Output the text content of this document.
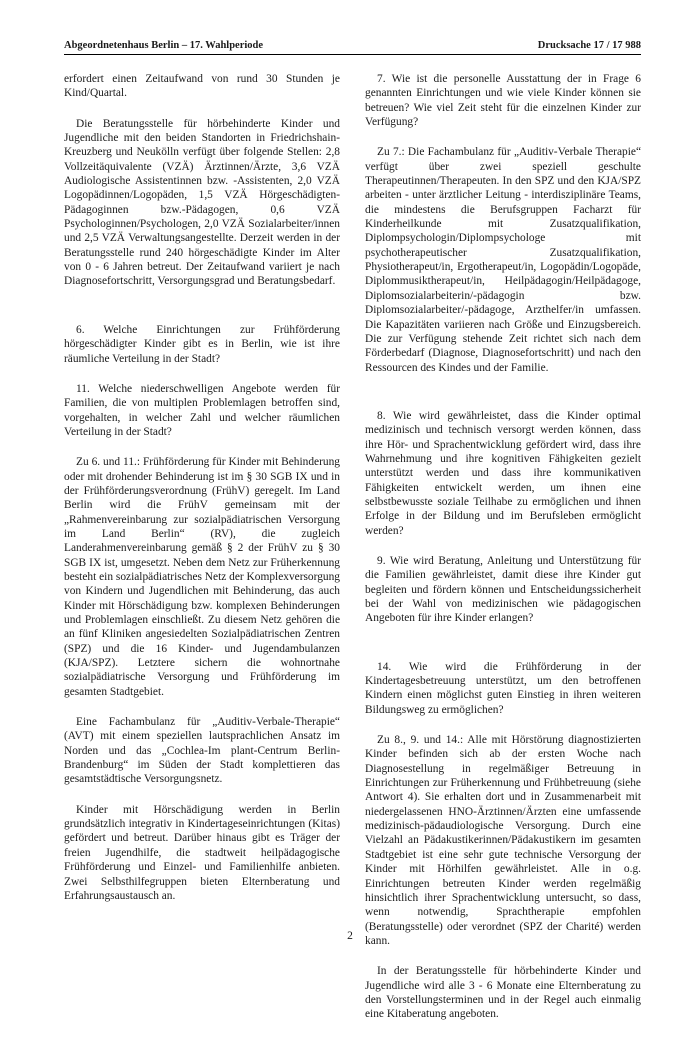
Abgeordnetenhaus Berlin – 17. Wahlperiode	Drucksache 17 / 17 988

erfordert einen Zeitaufwand von rund 30 Stunden je Kind/Quartal.

Die Beratungsstelle für hörbehinderte Kinder und Jugendliche mit den beiden Standorten in Friedrichshain-Kreuzberg und Neukölln verfügt über folgende Stellen: 2,8 Vollzeitäquivalente (VZÄ) Ärztinnen/Ärzte, 3,6 VZÄ Audiologische Assistentinnen bzw. -Assistenten, 2,0 VZÄ Logopädinnen/Logopäden, 1,5 VZÄ Hörgeschädigten-Pädagoginnen bzw.-Pädagogen, 0,6 VZÄ Psychologinnen/Psychologen, 2,0 VZÄ Sozialarbeiter/innen und 2,5 VZÄ Verwaltungsangestellte. Derzeit werden in der Beratungsstelle rund 240 hörgeschädigte Kinder im Alter von 0 - 6 Jahren betreut. Der Zeitaufwand variiert je nach Diagnosefortschritt, Versorgungsgrad und Beratungsbedarf.

6. Welche Einrichtungen zur Frühförderung hörgeschädigter Kinder gibt es in Berlin, wie ist ihre räumliche Verteilung in der Stadt?

11. Welche niederschwelligen Angebote werden für Familien, die von multiplen Problemlagen betroffen sind, vorgehalten, in welcher Zahl und welcher räumlichen Verteilung in der Stadt?

Zu 6. und 11.: Frühförderung für Kinder mit Behinderung oder mit drohender Behinderung ist im § 30 SGB IX und in der Frühförderungsverordnung (FrühV) geregelt. Im Land Berlin wird die FrühV gemeinsam mit der „Rahmenvereinbarung zur sozialpädiatrischen Versorgung im Land Berlin“ (RV), die zugleich Landerahmenvereinbarung gemäß § 2 der FrühV zu § 30 SGB IX ist, umgesetzt. Neben dem Netz zur Früherkennung besteht ein sozialpädiatrisches Netz der Komplexversorgung von Kindern und Jugendlichen mit Behinderung, das auch Kinder mit Hörschädigung bzw. komplexen Behinderungen und Problemlagen einschließt. Zu diesem Netz gehören die an fünf Kliniken angesiedelten Sozialpädiatrischen Zentren (SPZ) und die 16 Kinder- und Jugendambulanzen (KJA/SPZ). Letztere sichern die wohnortnahe sozialpädiatrische Versorgung und Frühförderung im gesamten Stadtgebiet.

Eine Fachambulanz für „Auditiv-Verbale-Therapie“ (AVT) mit einem speziellen lautsprachlichen Ansatz im Norden und das „Cochlea-Im plant-Centrum Berlin-Brandenburg“ im Süden der Stadt komplettieren das gesamtstädtische Versorgungsnetz.

Kinder mit Hörschädigung werden in Berlin grundsätzlich integrativ in Kindertageseinrichtungen (Kitas) gefördert und betreut. Darüber hinaus gibt es Träger der freien Jugendhilfe, die stadtweit heilpädagogische Frühförderung und Einzel- und Familienhilfe anbieten. Zwei Selbsthilfegruppen bieten Elternberatung und Erfahrungsaustausch an.

7. Wie ist die personelle Ausstattung der in Frage 6 genannten Einrichtungen und wie viele Kinder können sie betreuen? Wie viel Zeit steht für die einzelnen Kinder zur Verfügung?

Zu 7.: Die Fachambulanz für „Auditiv-Verbale Therapie“ verfügt über zwei speziell geschulte Therapeutinnen/Therapeuten. In den SPZ und den KJA/SPZ arbeiten - unter ärztlicher Leitung - interdisziplinäre Teams, die mindestens die Berufsgruppen Facharzt für Kinderheilkunde mit Zusatzqualifikation, Diplompsychologin/Diplompsychologe mit psychotherapeutischer Zusatzqualifikation, Physiotherapeut/in, Ergotherapeut/in, Logopädin/Logopäde, Diplommusiktherapeut/in, Heilpädagogin/Heilpädagoge, Diplomsozialarbeiterin/-pädagogin bzw. Diplomsozialarbeiter/-pädagoge, Arzthelfer/in umfassen. Die Kapazitäten variieren nach Größe und Einzugsbereich. Die zur Verfügung stehende Zeit richtet sich nach dem Förderbedarf (Diagnose, Diagnosefortschritt) und nach den Ressourcen des Kindes und der Familie.

8. Wie wird gewährleistet, dass die Kinder optimal medizinisch und technisch versorgt werden können, dass ihre Hör- und Sprachentwicklung gefördert wird, dass ihre Wahrnehmung und ihre kognitiven Fähigkeiten gezielt unterstützt werden und dass ihre kommunikativen Fähigkeiten entwickelt werden, um ihnen eine selbstbewusste soziale Teilhabe zu ermöglichen und ihnen Erfolge in der Bildung und im Berufsleben ermöglicht werden?

9. Wie wird Beratung, Anleitung und Unterstützung für die Familien gewährleistet, damit diese ihre Kinder gut begleiten und fördern können und Entscheidungssicherheit bei der Wahl von medizinischen wie pädagogischen Angeboten für ihre Kinder erlangen?

14. Wie wird die Frühförderung in der Kindertagesbetreuung unterstützt, um den betroffenen Kindern einen möglichst guten Einstieg in ihren weiteren Bildungsweg zu ermöglichen?

Zu 8., 9. und 14.: Alle mit Hörstörung diagnostizierten Kinder befinden sich ab der ersten Woche nach Diagnosestellung in regelmäßiger Betreuung in Einrichtungen zur Früherkennung und Frühbetreuung (siehe Antwort 4). Sie erhalten dort und in Zusammenarbeit mit niedergelassenen HNO-Ärztinnen/Ärzten eine umfassende medizinisch-pädaudiologische Versorgung. Durch eine Vielzahl an Pädakustikerinnen/Pädakustikern im gesamten Stadtgebiet ist eine sehr gute technische Versorgung der Kinder mit Hörhilfen gewährleistet. Alle in o.g. Einrichtungen betreuten Kinder werden regelmäßig hinsichtlich ihrer Sprachentwicklung untersucht, so dass, wenn notwendig, Sprachtherapie empfohlen (Beratungsstelle) oder verordnet (SPZ der Charité) werden kann.

In der Beratungsstelle für hörbehinderte Kinder und Jugendliche wird alle 3 - 6 Monate eine Elternberatung zu den Vorstellungsterminen und in der Regel auch einmalig eine Kitaberatung angeboten.

2
